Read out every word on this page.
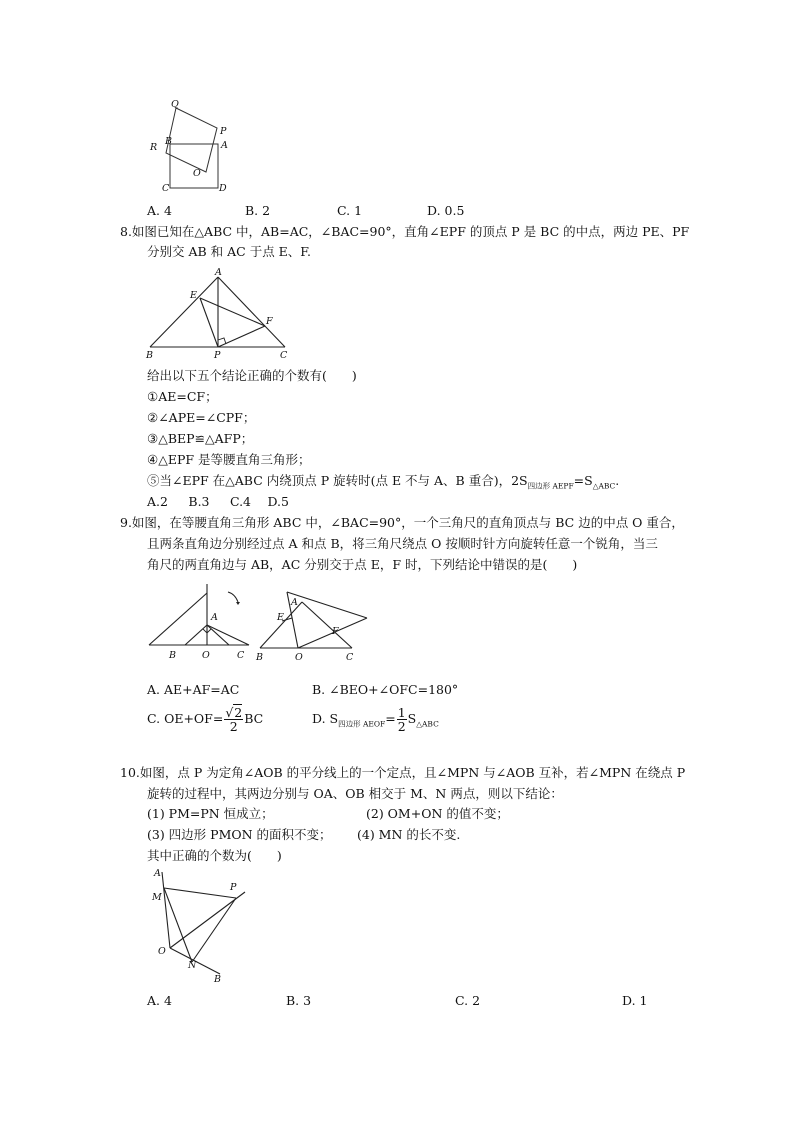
Q
P
B	A
R
O
C	D
A. 4	B. 2	C. 1	D. 0.5
8.如图已知在△ABC 中，AB=AC，∠BAC=90°，直角∠EPF 的顶点 P 是 BC 的中点，两边 PE、PF
分别交 AB 和 AC 于点 E、F.
A
E
F
B	P	C
给出以下五个结论正确的个数有(　　)
①AE=CF；
②∠APE=∠CPF；
③△BEP≌△AFP；
④△EPF 是等腰直角三角形；
⑤当∠EPF 在△ABC 内绕顶点 P 旋转时(点 E 不与 A、B 重合)，$2S_{四边形 AEPF}=S_{\triangle ABC}$.
A.2　  B.3　  C.4　 D.5
9.如图，在等腰直角三角形 ABC 中，∠BAC=90°，一个三角尺的直角顶点与 BC 边的中点 O 重合，
且两条直角边分别经过点 A 和点 B，将三角尺绕点 O 按顺时针方向旋转任意一个锐角，当三
角尺的两直角边与 AB，AC 分别交于点 E，F 时，下列结论中错误的是(　　)
A
B	O	C
A
E
F
B	O	C
A. AE+AF=AC	B. ∠BEO+∠OFC=180°
C. $OE+OF= \frac{√2}{2}$ BC	D. $S_{四边形 AEOF}= \frac{1}{2} S_{\triangle ABC}$
10.如图，点 P 为定角∠AOB 的平分线上的一个定点，且∠MPN 与∠AOB 互补，若∠MPN 在绕点 P
旋转的过程中，其两边分别与 OA、OB 相交于 M、N 两点，则以下结论：
(1) PM=PN 恒成立；	(2) OM+ON 的值不变；
(3) 四边形 PMON 的面积不变； (4) MN 的长不变.
其中正确的个数为(　　)
A
M
P
O
N
B
A. 4	B. 3	C. 2	D. 1
